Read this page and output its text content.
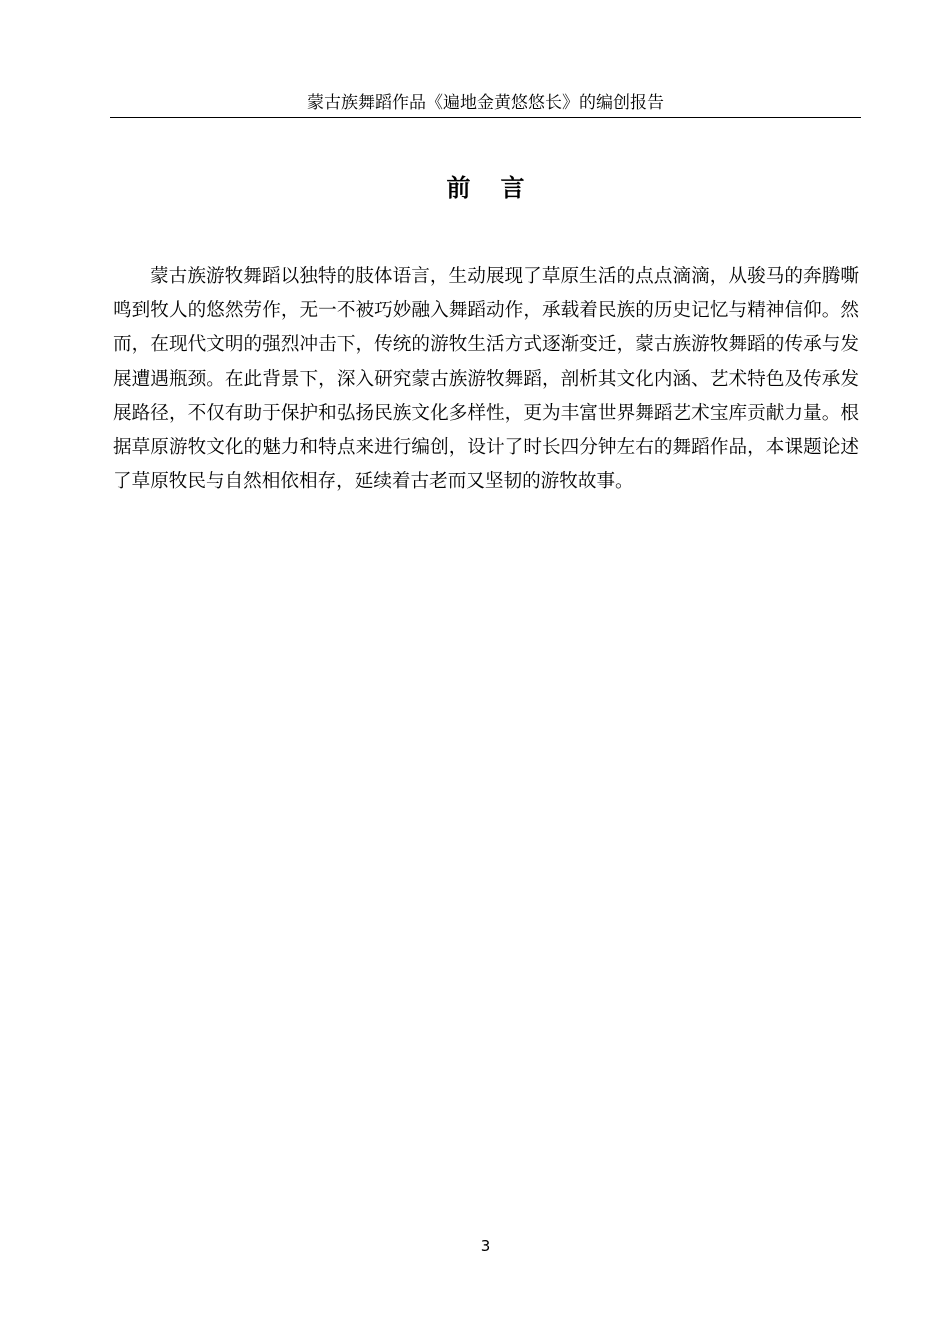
蒙古族舞蹈作品《遍地金黄悠悠长》的编创报告
前言

蒙古族游牧舞蹈以独特的肢体语言，生动展现了草原生活的点点滴滴，从骏马的奔腾嘶鸣到牧人的悠然劳作，无一不被巧妙融入舞蹈动作，承载着民族的历史记忆与精神信仰。然而，在现代文明的强烈冲击下，传统的游牧生活方式逐渐变迁，蒙古族游牧舞蹈的传承与发展遭遇瓶颈。在此背景下，深入研究蒙古族游牧舞蹈，剖析其文化内涵、艺术特色及传承发展路径，不仅有助于保护和弘扬民族文化多样性，更为丰富世界舞蹈艺术宝库贡献力量。根据草原游牧文化的魅力和特点来进行编创，设计了时长四分钟左右的舞蹈作品，本课题论述了草原牧民与自然相依相存，延续着古老而又坚韧的游牧故事。

3
